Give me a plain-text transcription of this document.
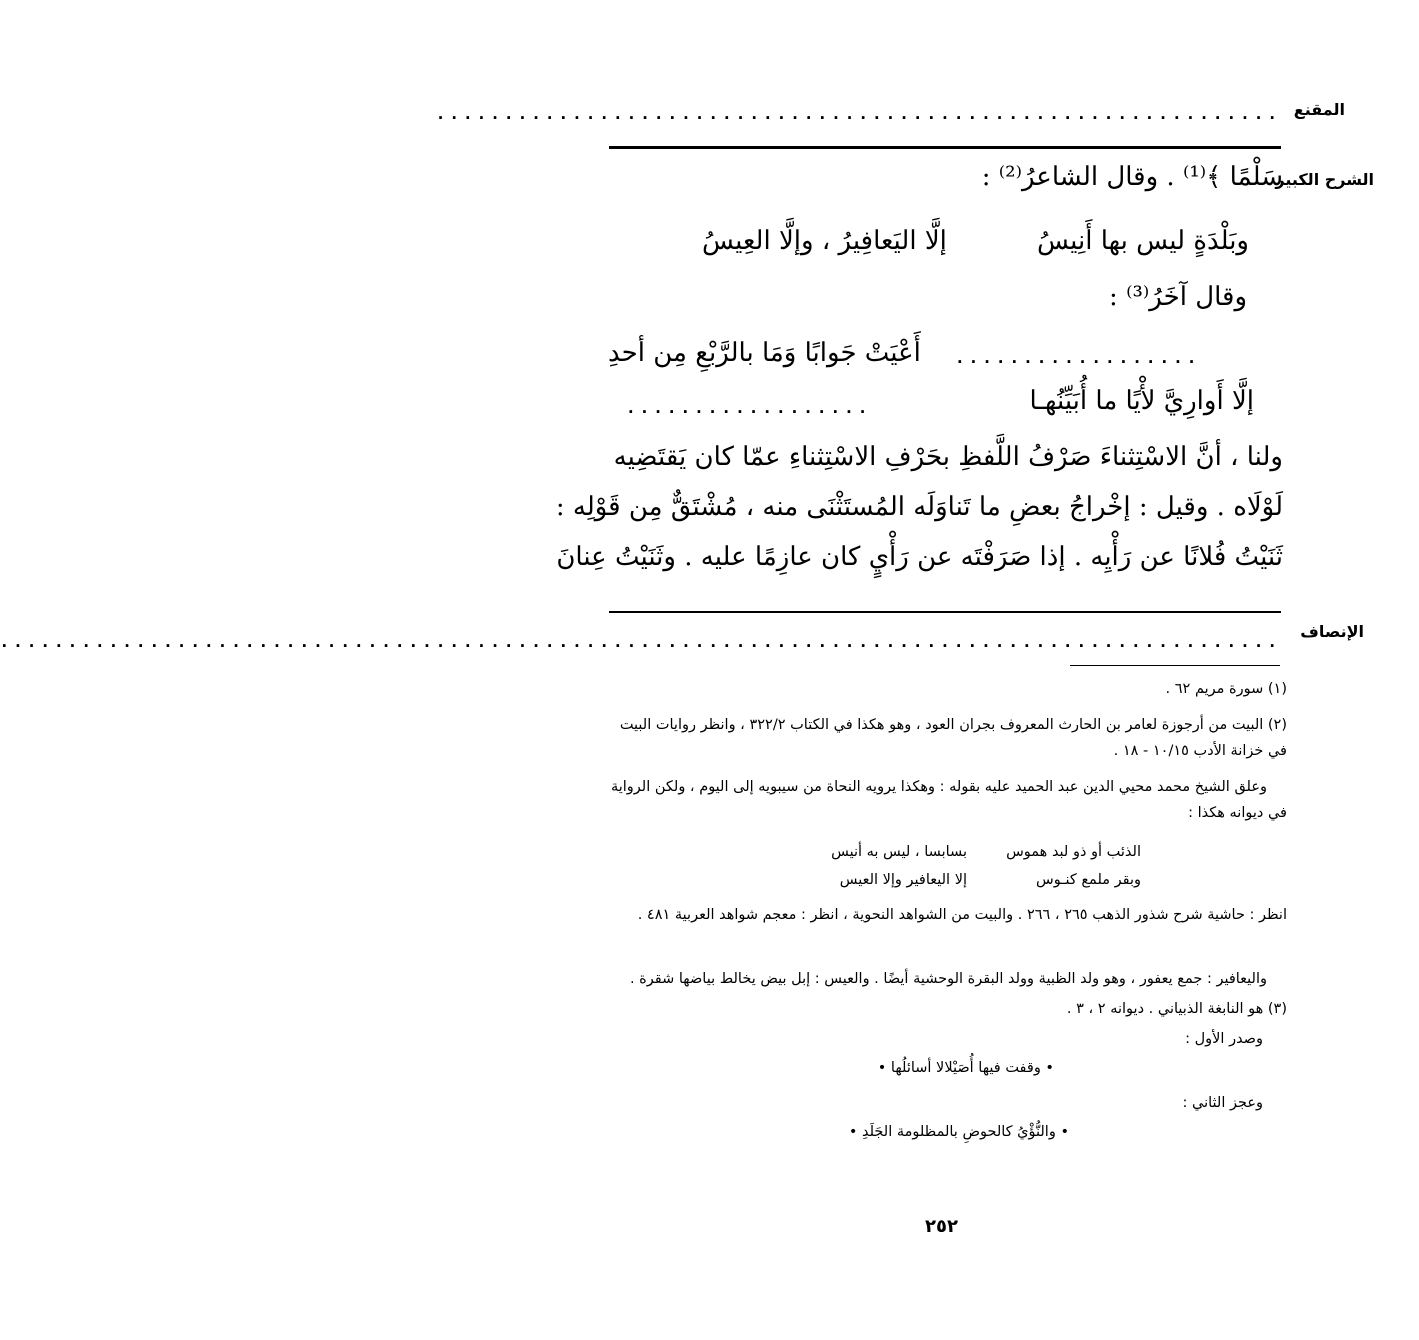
المقنع
..............................................................
الشرح الكبير
سَلْمًا ﴾⁽¹⁾ . وقال الشاعرُ⁽²⁾ :
وبَلْدَةٍ ليس بها أَنِيسُ
إلَّا اليَعافِيرُ ، وإلَّا العِيسُ
وقال آخَرُ⁽³⁾ :
أَعْيَتْ جَوابًا وَمَا بالرَّبْعِ مِن أحدِ ..................
إلَّا أَوارِيَّ لأْيًا ما أُبَيِّنُهـا
..................
ولنا ، أنَّ الاسْتِثناءَ صَرْفُ اللَّفظِ بحَرْفِ الاسْتِثناءِ عمّا كان يَقتَضِيه
لَوْلَاه . وقيل : إخْراجُ بعضِ ما تَناوَلَه المُستَثْنَى منه ، مُشْتَقٌّ مِن قَوْلِه :
ثَنَيْتُ فُلانًا عن رَأْيِه . إذا صَرَفْتَه عن رَأْيٍ كان عازِمًا عليه . وثَنَيْتُ عِنانَ
الإنصاف
..............................................................................................
(١) سورة مريم ٦٢ .
(٢) البيت من أرجوزة لعامر بن الحارث المعروف بجران العود ، وهو هكذا في الكتاب ٣٢٢/٢ ، وانظر روايات البيت في خزانة الأدب ١٠/١٥ - ١٨ .
وعلق الشيخ محمد محيي الدين عبد الحميد عليه بقوله : وهكذا يرويه النحاة من سيبويه إلى اليوم ، ولكن الرواية في ديوانه هكذا :
بسابسا ، ليس به أنيس	الذئب أو ذو لبد هموس
إلا اليعافير وإلا العيس	وبقر ملمع كنـوس
انظر : حاشية شرح شذور الذهب ٢٦٥ ، ٢٦٦ . والبيت من الشواهد النحوية ، انظر : معجم شواهد العربية ٤٨١ .
واليعافير : جمع يعفور ، وهو ولد الظبية وولد البقرة الوحشية أيضًا . والعيس : إبل بيض يخالط بياضها شقرة .
(٣) هو النابغة الذبياني . ديوانه ٢ ، ٣ .
وصدر الأول :
• وقفت فيها أُصَيْلالا أسائلُها •
وعجز الثاني :
• والنُّؤْيُ كالحوضِ بالمظلومة الجَلَدِ •
٢٥٢
